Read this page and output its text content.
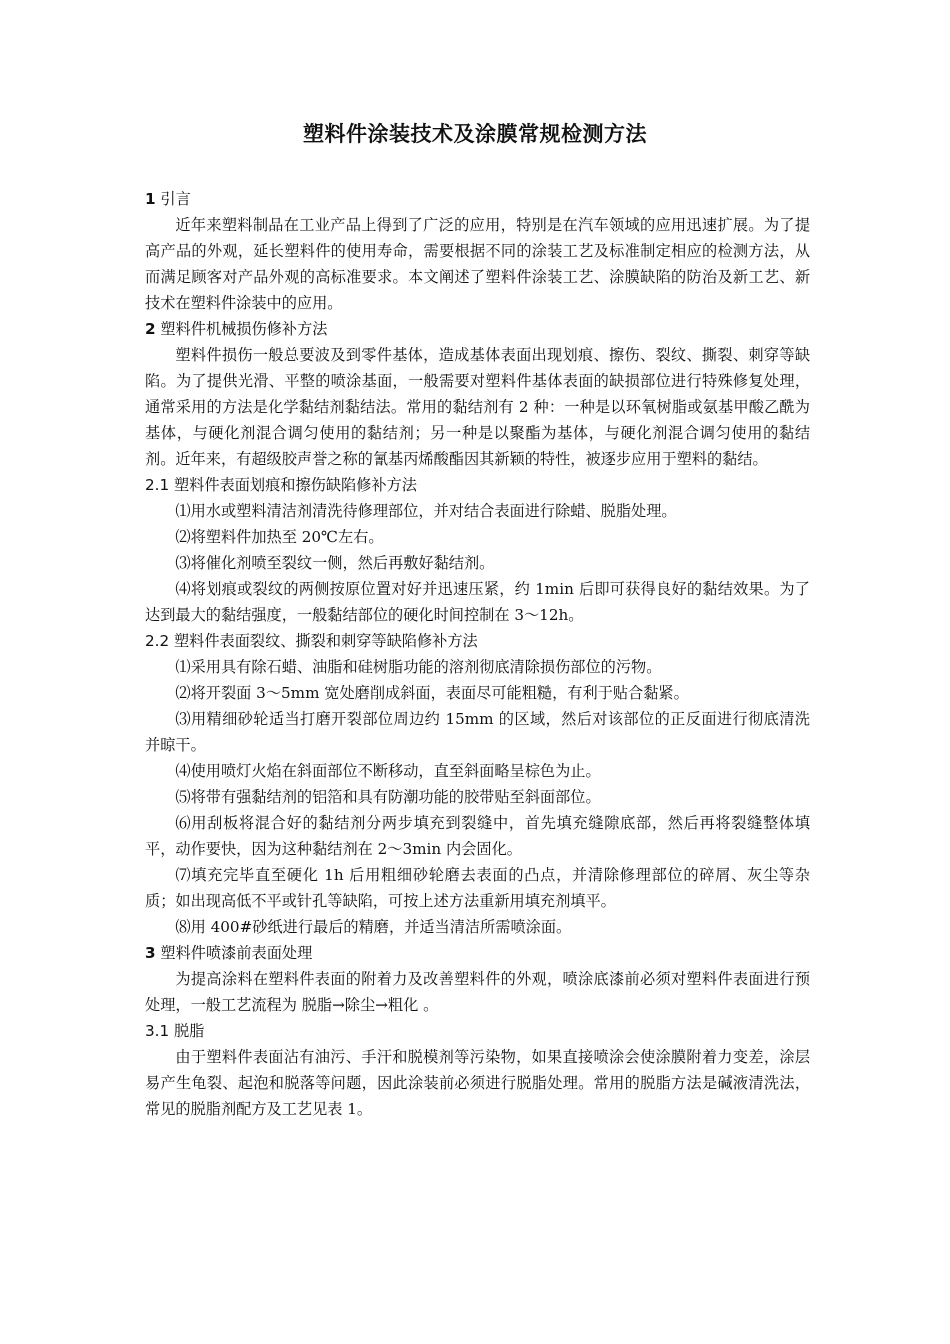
塑料件涂装技术及涂膜常规检测方法

1 引言

近年来塑料制品在工业产品上得到了广泛的应用，特别是在汽车领域的应用迅速扩展。为了提高产品的外观，延长塑料件的使用寿命，需要根据不同的涂装工艺及标准制定相应的检测方法，从而满足顾客对产品外观的高标准要求。本文阐述了塑料件涂装工艺、涂膜缺陷的防治及新工艺、新技术在塑料件涂装中的应用。

2 塑料件机械损伤修补方法

塑料件损伤一般总要波及到零件基体，造成基体表面出现划痕、擦伤、裂纹、撕裂、刺穿等缺陷。为了提供光滑、平整的喷涂基面，一般需要对塑料件基体表面的缺损部位进行特殊修复处理，通常采用的方法是化学黏结剂黏结法。常用的黏结剂有 2 种：一种是以环氧树脂或氨基甲酸乙酰为基体，与硬化剂混合调匀使用的黏结剂；另一种是以聚酯为基体，与硬化剂混合调匀使用的黏结剂。近年来，有超级胶声誉之称的氰基丙烯酸酯因其新颖的特性，被逐步应用于塑料的黏结。

2.1 塑料件表面划痕和擦伤缺陷修补方法

⑴用水或塑料清洁剂清洗待修理部位，并对结合表面进行除蜡、脱脂处理。

⑵将塑料件加热至 20℃左右。

⑶将催化剂喷至裂纹一侧，然后再敷好黏结剂。

⑷将划痕或裂纹的两侧按原位置对好并迅速压紧，约 1min 后即可获得良好的黏结效果。为了达到最大的黏结强度，一般黏结部位的硬化时间控制在 3～12h。

2.2 塑料件表面裂纹、撕裂和刺穿等缺陷修补方法

⑴采用具有除石蜡、油脂和硅树脂功能的溶剂彻底清除损伤部位的污物。

⑵将开裂面 3～5mm 宽处磨削成斜面，表面尽可能粗糙，有利于贴合黏紧。

⑶用精细砂轮适当打磨开裂部位周边约 15mm 的区域，然后对该部位的正反面进行彻底清洗并晾干。

⑷使用喷灯火焰在斜面部位不断移动，直至斜面略呈棕色为止。

⑸将带有强黏结剂的铝箔和具有防潮功能的胶带贴至斜面部位。

⑹用刮板将混合好的黏结剂分两步填充到裂缝中，首先填充缝隙底部，然后再将裂缝整体填平，动作要快，因为这种黏结剂在 2～3min 内会固化。

⑺填充完毕直至硬化 1h 后用粗细砂轮磨去表面的凸点，并清除修理部位的碎屑、灰尘等杂质；如出现高低不平或针孔等缺陷，可按上述方法重新用填充剂填平。

⑻用 400#砂纸进行最后的精磨，并适当清洁所需喷涂面。

3 塑料件喷漆前表面处理

为提高涂料在塑料件表面的附着力及改善塑料件的外观，喷涂底漆前必须对塑料件表面进行预处理，一般工艺流程为 脱脂→除尘→粗化 。

3.1 脱脂

由于塑料件表面沾有油污、手汗和脱模剂等污染物，如果直接喷涂会使涂膜附着力变差，涂层易产生龟裂、起泡和脱落等问题，因此涂装前必须进行脱脂处理。常用的脱脂方法是碱液清洗法，常见的脱脂剂配方及工艺见表 1。
